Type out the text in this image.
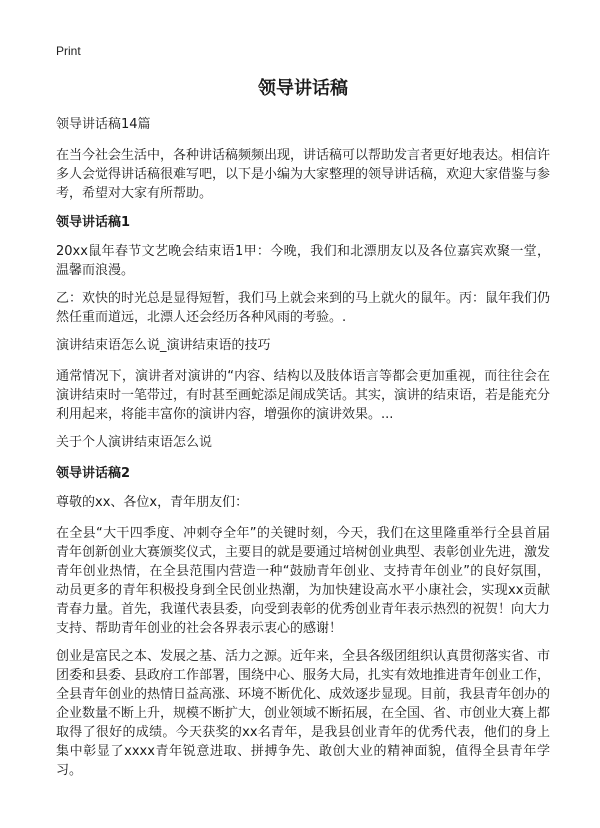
Print
领导讲话稿

领导讲话稿14篇

在当今社会生活中，各种讲话稿频频出现，讲话稿可以帮助发言者更好地表达。相信许多人会觉得讲话稿很难写吧，以下是小编为大家整理的领导讲话稿，欢迎大家借鉴与参考，希望对大家有所帮助。

领导讲话稿1

20xx鼠年春节文艺晚会结束语1甲：今晚，我们和北漂朋友以及各位嘉宾欢聚一堂，温馨而浪漫。

乙：欢快的时光总是显得短暂，我们马上就会来到的马上就火的鼠年。丙：鼠年我们仍然任重而道远，北漂人还会经历各种风雨的考验。.

演讲结束语怎么说_演讲结束语的技巧

通常情况下，演讲者对演讲的“内容、结构以及肢体语言等都会更加重视，而往往会在演讲结束时一笔带过，有时甚至画蛇添足闹成笑话。其实，演讲的结束语，若是能充分利用起来，将能丰富你的演讲内容，增强你的演讲效果。...

关于个人演讲结束语怎么说

领导讲话稿2

尊敬的xx、各位x，青年朋友们：

在全县“大干四季度、冲刺夺全年”的关键时刻，今天，我们在这里隆重举行全县首届青年创新创业大赛颁奖仪式，主要目的就是要通过培树创业典型、表彰创业先进，激发青年创业热情，在全县范围内营造一种“鼓励青年创业、支持青年创业”的良好氛围，动员更多的青年积极投身到全民创业热潮，为加快建设高水平小康社会，实现xx贡献青春力量。首先，我谨代表县委，向受到表彰的优秀创业青年表示热烈的祝贺！向大力支持、帮助青年创业的社会各界表示衷心的感谢！

创业是富民之本、发展之基、活力之源。近年来，全县各级团组织认真贯彻落实省、市团委和县委、县政府工作部署，围绕中心、服务大局，扎实有效地推进青年创业工作，全县青年创业的热情日益高涨、环境不断优化、成效逐步显现。目前，我县青年创办的企业数量不断上升，规模不断扩大，创业领域不断拓展，在全国、省、市创业大赛上都取得了很好的成绩。今天获奖的xx名青年，是我县创业青年的优秀代表，他们的身上集中彰显了xxxx青年锐意进取、拼搏争先、敢创大业的精神面貌，值得全县青年学习。
